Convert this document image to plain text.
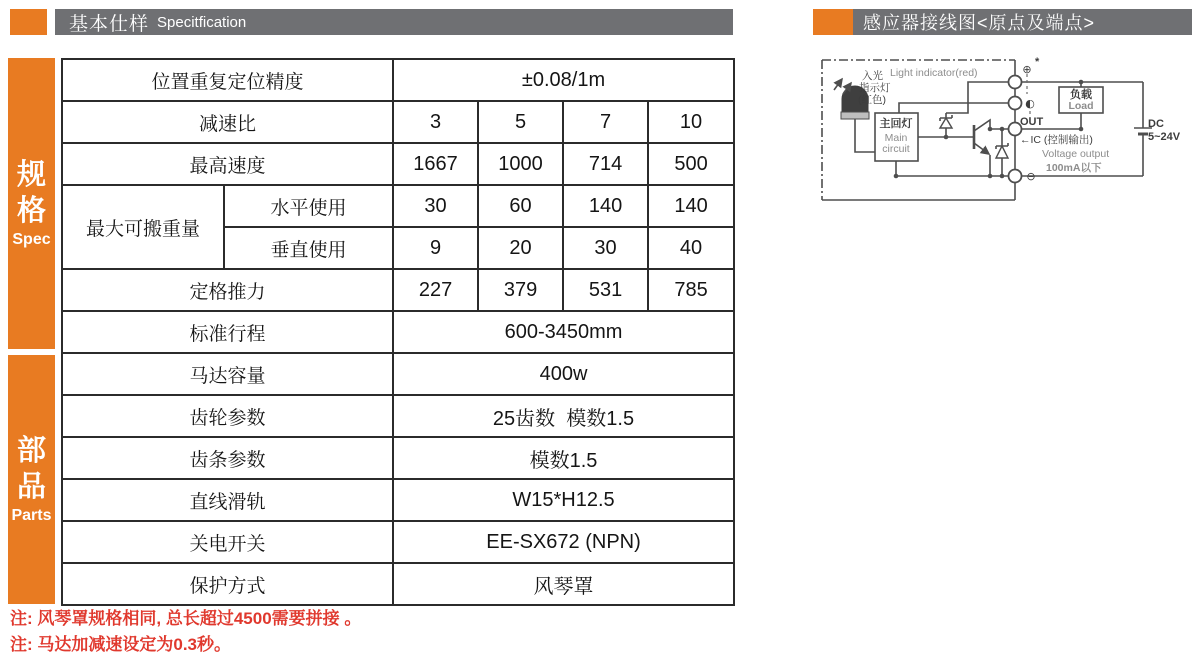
基本仕样 Specitfication	感应器接线图<原点及端点>
规格
Spec
部品
Parts
位置重复定位精度		±0.08/1m			
减速比		3	5	7	10
最高速度		1667	1000	714	500
最大可搬重量	水平使用	30	60	140	140
	垂直使用	9	20	30	40
定格推力		227	379	531	785
标准行程		600-3450mm			
马达容量		400w			
齿轮参数		25齿数  模数1.5			
齿条参数		模数1.5			
直线滑轨		W15*H12.5			
关电开关		EE-SX672 (NPN)			
保护方式		风琴罩			

注: 风琴罩规格相同, 总长超过4500需要拼接 。

注: 马达加减速设定为0.3秒。

主回灯
Main
circuit
负载
Load
Light indicator(red)
入光
指示灯
(红色)
⊕
*
◐
OUT
←IC (控制输出)
Voltage output
100mA以下
⊖
DC
5~24V
